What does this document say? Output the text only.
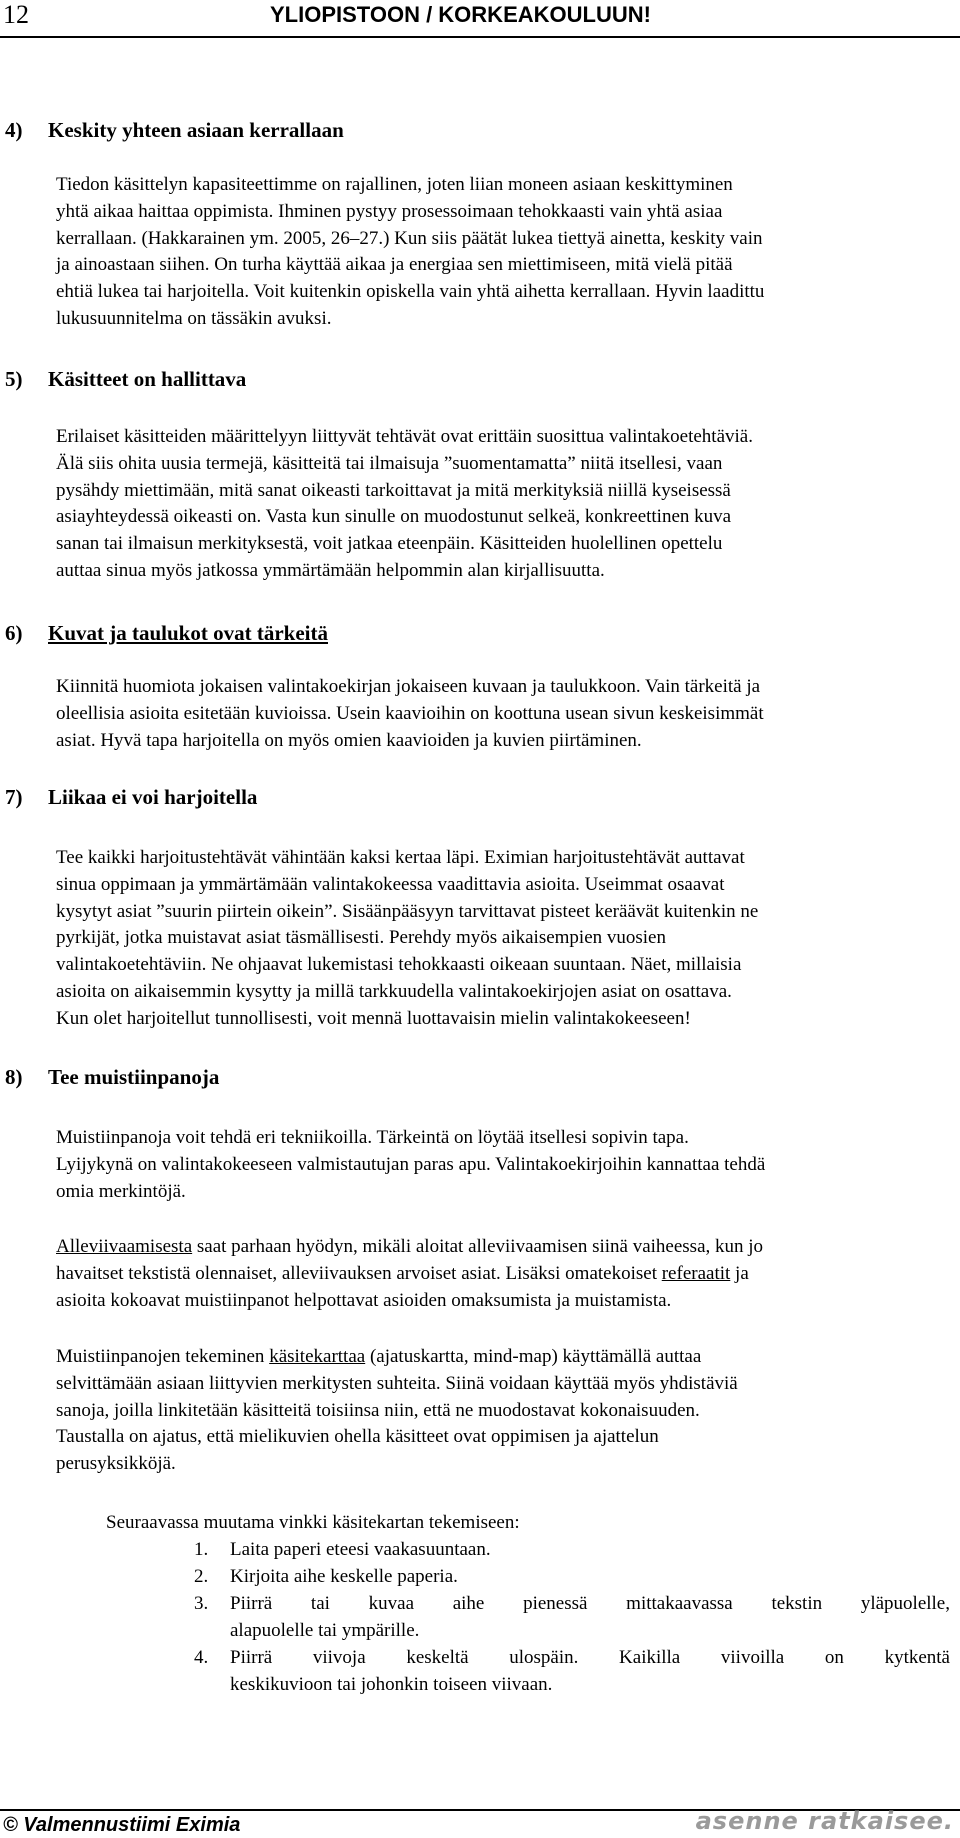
12	YLIOPISTOON / KORKEAKOULUUN!
4) Keskity yhteen asiaan kerrallaan
Tiedon käsittelyn kapasiteettimme on rajallinen, joten liian moneen asiaan keskittyminen
yhtä aikaa haittaa oppimista. Ihminen pystyy prosessoimaan tehokkaasti vain yhtä asiaa
kerrallaan. (Hakkarainen ym. 2005, 26–27.) Kun siis päätät lukea tiettyä ainetta, keskity vain
ja ainoastaan siihen. On turha käyttää aikaa ja energiaa sen miettimiseen, mitä vielä pitää
ehtiä lukea tai harjoitella. Voit kuitenkin opiskella vain yhtä aihetta kerrallaan. Hyvin laadittu
lukusuunnitelma on tässäkin avuksi.
5) Käsitteet on hallittava
Erilaiset käsitteiden määrittelyyn liittyvät tehtävät ovat erittäin suosittua valintakoetehtäviä.
Älä siis ohita uusia termejä, käsitteitä tai ilmaisuja ”suomentamatta” niitä itsellesi, vaan
pysähdy miettimään, mitä sanat oikeasti tarkoittavat ja mitä merkityksiä niillä kyseisessä
asiayhteydessä oikeasti on. Vasta kun sinulle on muodostunut selkeä, konkreettinen kuva
sanan tai ilmaisun merkityksestä, voit jatkaa eteenpäin. Käsitteiden huolellinen opettelu
auttaa sinua myös jatkossa ymmärtämään helpommin alan kirjallisuutta.
6) Kuvat ja taulukot ovat tärkeitä
Kiinnitä huomiota jokaisen valintakoekirjan jokaiseen kuvaan ja taulukkoon. Vain tärkeitä ja
oleellisia asioita esitetään kuvioissa. Usein kaavioihin on koottuna usean sivun keskeisimmät
asiat. Hyvä tapa harjoitella on myös omien kaavioiden ja kuvien piirtäminen.
7) Liikaa ei voi harjoitella
Tee kaikki harjoitustehtävät vähintään kaksi kertaa läpi. Eximian harjoitustehtävät auttavat
sinua oppimaan ja ymmärtämään valintakokeessa vaadittavia asioita. Useimmat osaavat
kysytyt asiat ”suurin piirtein oikein”. Sisäänpääsyyn tarvittavat pisteet keräävät kuitenkin ne
pyrkijät, jotka muistavat asiat täsmällisesti. Perehdy myös aikaisempien vuosien
valintakoetehtäviin. Ne ohjaavat lukemistasi tehokkaasti oikeaan suuntaan. Näet, millaisia
asioita on aikaisemmin kysytty ja millä tarkkuudella valintakoekirjojen asiat on osattava.
Kun olet harjoitellut tunnollisesti, voit mennä luottavaisin mielin valintakokeeseen!
8) Tee muistiinpanoja
Muistiinpanoja voit tehdä eri tekniikoilla. Tärkeintä on löytää itsellesi sopivin tapa.
Lyijykynä on valintakokeeseen valmistautujan paras apu. Valintakoekirjoihin kannattaa tehdä
omia merkintöjä.
Alleviivaamisesta saat parhaan hyödyn, mikäli aloitat alleviivaamisen siinä vaiheessa, kun jo
havaitset tekstistä olennaiset, alleviivauksen arvoiset asiat. Lisäksi omatekoiset referaatit ja
asioita kokoavat muistiinpanot helpottavat asioiden omaksumista ja muistamista.
Muistiinpanojen tekeminen käsitekarttaa (ajatuskartta, mind-map) käyttämällä auttaa
selvittämään asiaan liittyvien merkitysten suhteita. Siinä voidaan käyttää myös yhdistäviä
sanoja, joilla linkitetään käsitteitä toisiinsa niin, että ne muodostavat kokonaisuuden.
Taustalla on ajatus, että mielikuvien ohella käsitteet ovat oppimisen ja ajattelun
perusyksikköjä.
Seuraavassa muutama vinkki käsitekartan tekemiseen:
1. Laita paperi eteesi vaakasuuntaan.
2. Kirjoita aihe keskelle paperia.
3. Piirrä tai kuvaa aihe pienessä mittakaavassa tekstin yläpuolelle,
alapuolelle tai ympärille.
4. Piirrä viivoja keskeltä ulospäin. Kaikilla viivoilla on kytkentä
keskikuvioon tai johonkin toiseen viivaan.
© Valmennustiimi Eximia	asenne ratkaisee.
